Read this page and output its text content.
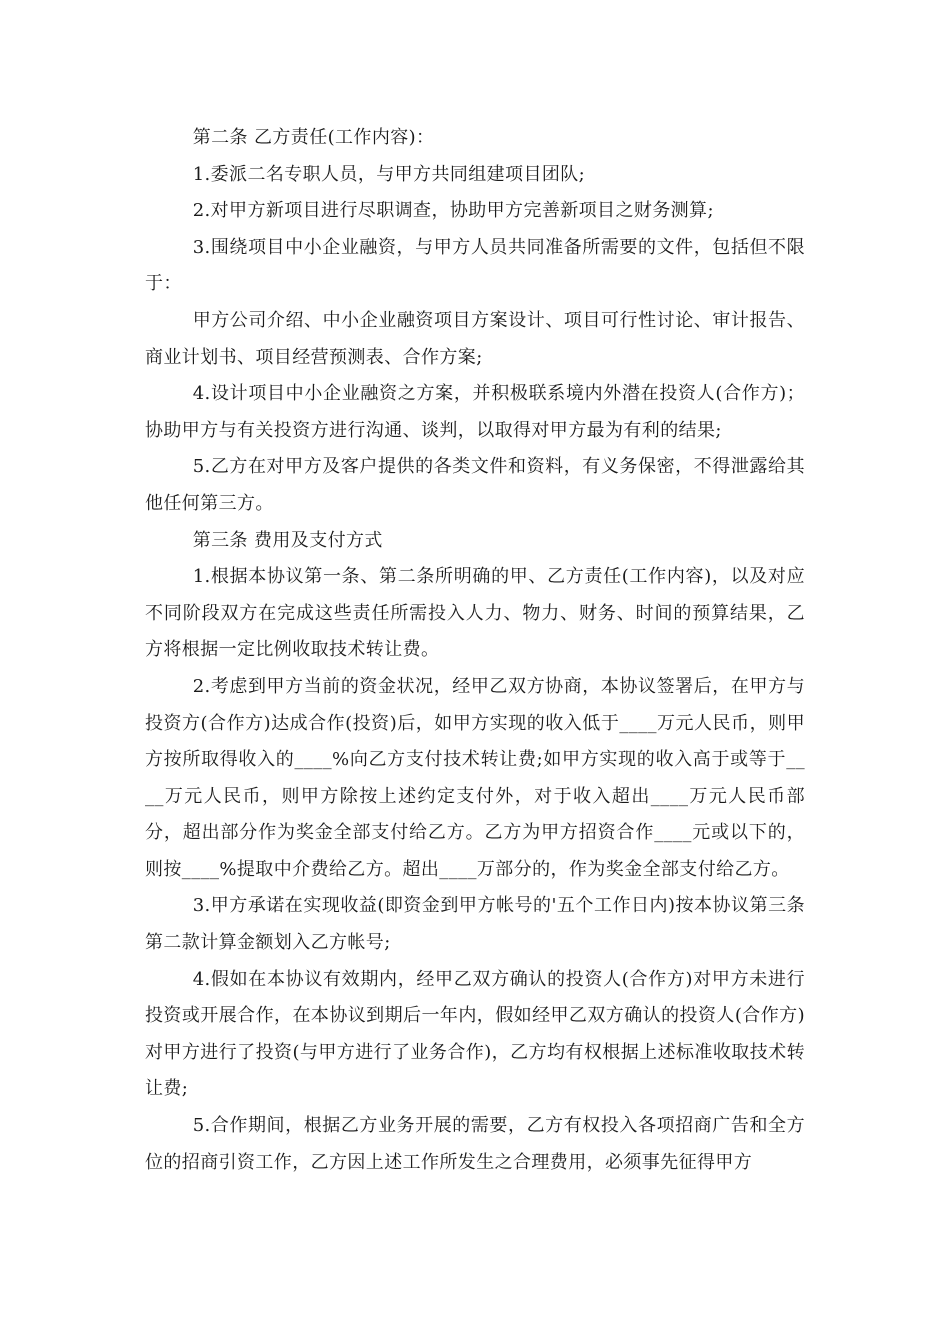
第二条 乙方责任(工作内容)：

1.委派二名专职人员，与甲方共同组建项目团队;

2.对甲方新项目进行尽职调查，协助甲方完善新项目之财务测算;

3.围绕项目中小企业融资，与甲方人员共同准备所需要的文件，包括但不限于：

甲方公司介绍、中小企业融资项目方案设计、项目可行性讨论、审计报告、商业计划书、项目经营预测表、合作方案;

4.设计项目中小企业融资之方案，并积极联系境内外潜在投资人(合作方)；协助甲方与有关投资方进行沟通、谈判，以取得对甲方最为有利的结果;

5.乙方在对甲方及客户提供的各类文件和资料，有义务保密，不得泄露给其他任何第三方。

第三条 费用及支付方式

1.根据本协议第一条、第二条所明确的甲、乙方责任(工作内容)，以及对应不同阶段双方在完成这些责任所需投入人力、物力、财务、时间的预算结果，乙方将根据一定比例收取技术转让费。

2.考虑到甲方当前的资金状况，经甲乙双方协商，本协议签署后，在甲方与投资方(合作方)达成合作(投资)后，如甲方实现的收入低于____万元人民币，则甲方按所取得收入的____%向乙方支付技术转让费;如甲方实现的收入高于或等于____万元人民币，则甲方除按上述约定支付外，对于收入超出____万元人民币部分，超出部分作为奖金全部支付给乙方。乙方为甲方招资合作____元或以下的，则按____%提取中介费给乙方。超出____万部分的，作为奖金全部支付给乙方。

3.甲方承诺在实现收益(即资金到甲方帐号的'五个工作日内)按本协议第三条第二款计算金额划入乙方帐号;

4.假如在本协议有效期内，经甲乙双方确认的投资人(合作方)对甲方未进行投资或开展合作，在本协议到期后一年内，假如经甲乙双方确认的投资人(合作方)对甲方进行了投资(与甲方进行了业务合作)，乙方均有权根据上述标准收取技术转让费;

5.合作期间，根据乙方业务开展的需要，乙方有权投入各项招商广告和全方位的招商引资工作，乙方因上述工作所发生之合理费用，必须事先征得甲方
